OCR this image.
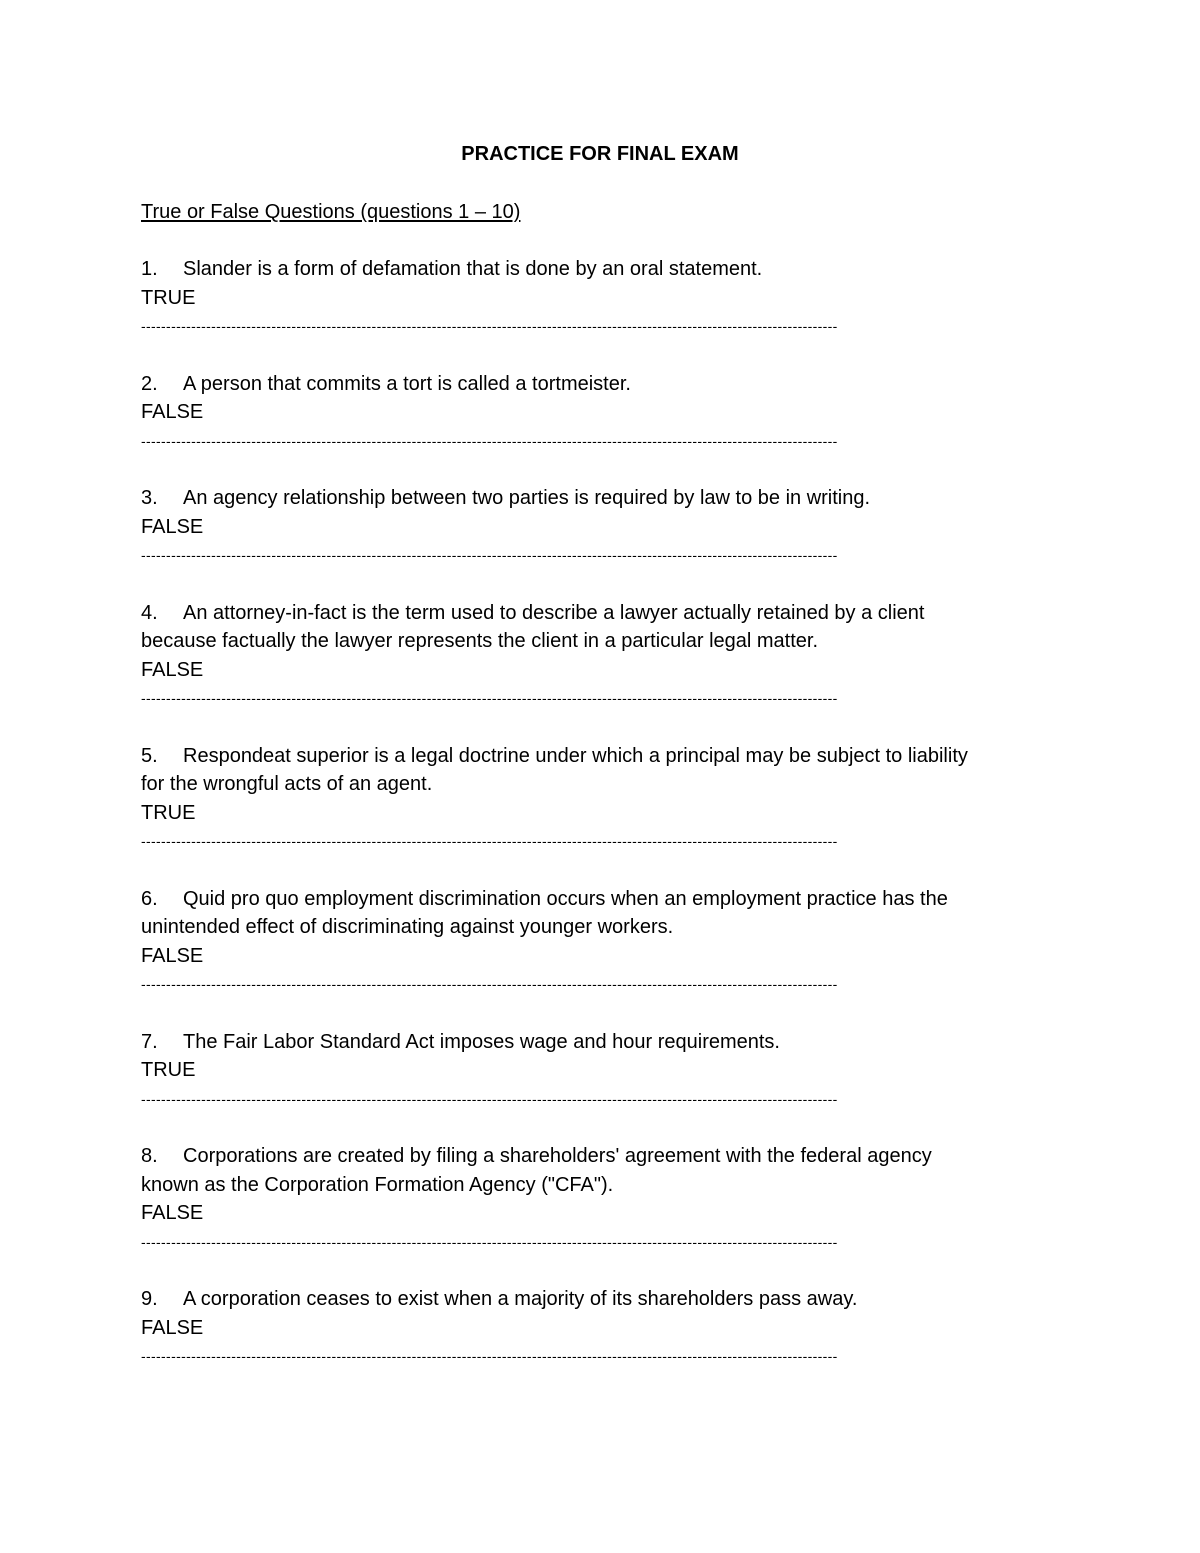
PRACTICE FOR FINAL EXAM
True or False Questions (questions 1 – 10)
1. Slander is a form of defamation that is done by an oral statement.
TRUE
-------------------------------------------------------------------------------------------------------------------------------------------
2. A person that commits a tort is called a tortmeister.
FALSE
-------------------------------------------------------------------------------------------------------------------------------------------
3. An agency relationship between two parties is required by law to be in writing.
FALSE
-------------------------------------------------------------------------------------------------------------------------------------------
4. An attorney-in-fact is the term used to describe a lawyer actually retained by a client
because factually the lawyer represents the client in a particular legal matter.
FALSE
-------------------------------------------------------------------------------------------------------------------------------------------
5. Respondeat superior is a legal doctrine under which a principal may be subject to liability
for the wrongful acts of an agent.
TRUE
-------------------------------------------------------------------------------------------------------------------------------------------
6. Quid pro quo employment discrimination occurs when an employment practice has the
unintended effect of discriminating against younger workers.
FALSE
-------------------------------------------------------------------------------------------------------------------------------------------
7. The Fair Labor Standard Act imposes wage and hour requirements.
TRUE
-------------------------------------------------------------------------------------------------------------------------------------------
8. Corporations are created by filing a shareholders' agreement with the federal agency
known as the Corporation Formation Agency ("CFA").
FALSE
-------------------------------------------------------------------------------------------------------------------------------------------
9. A corporation ceases to exist when a majority of its shareholders pass away.
FALSE
-------------------------------------------------------------------------------------------------------------------------------------------
